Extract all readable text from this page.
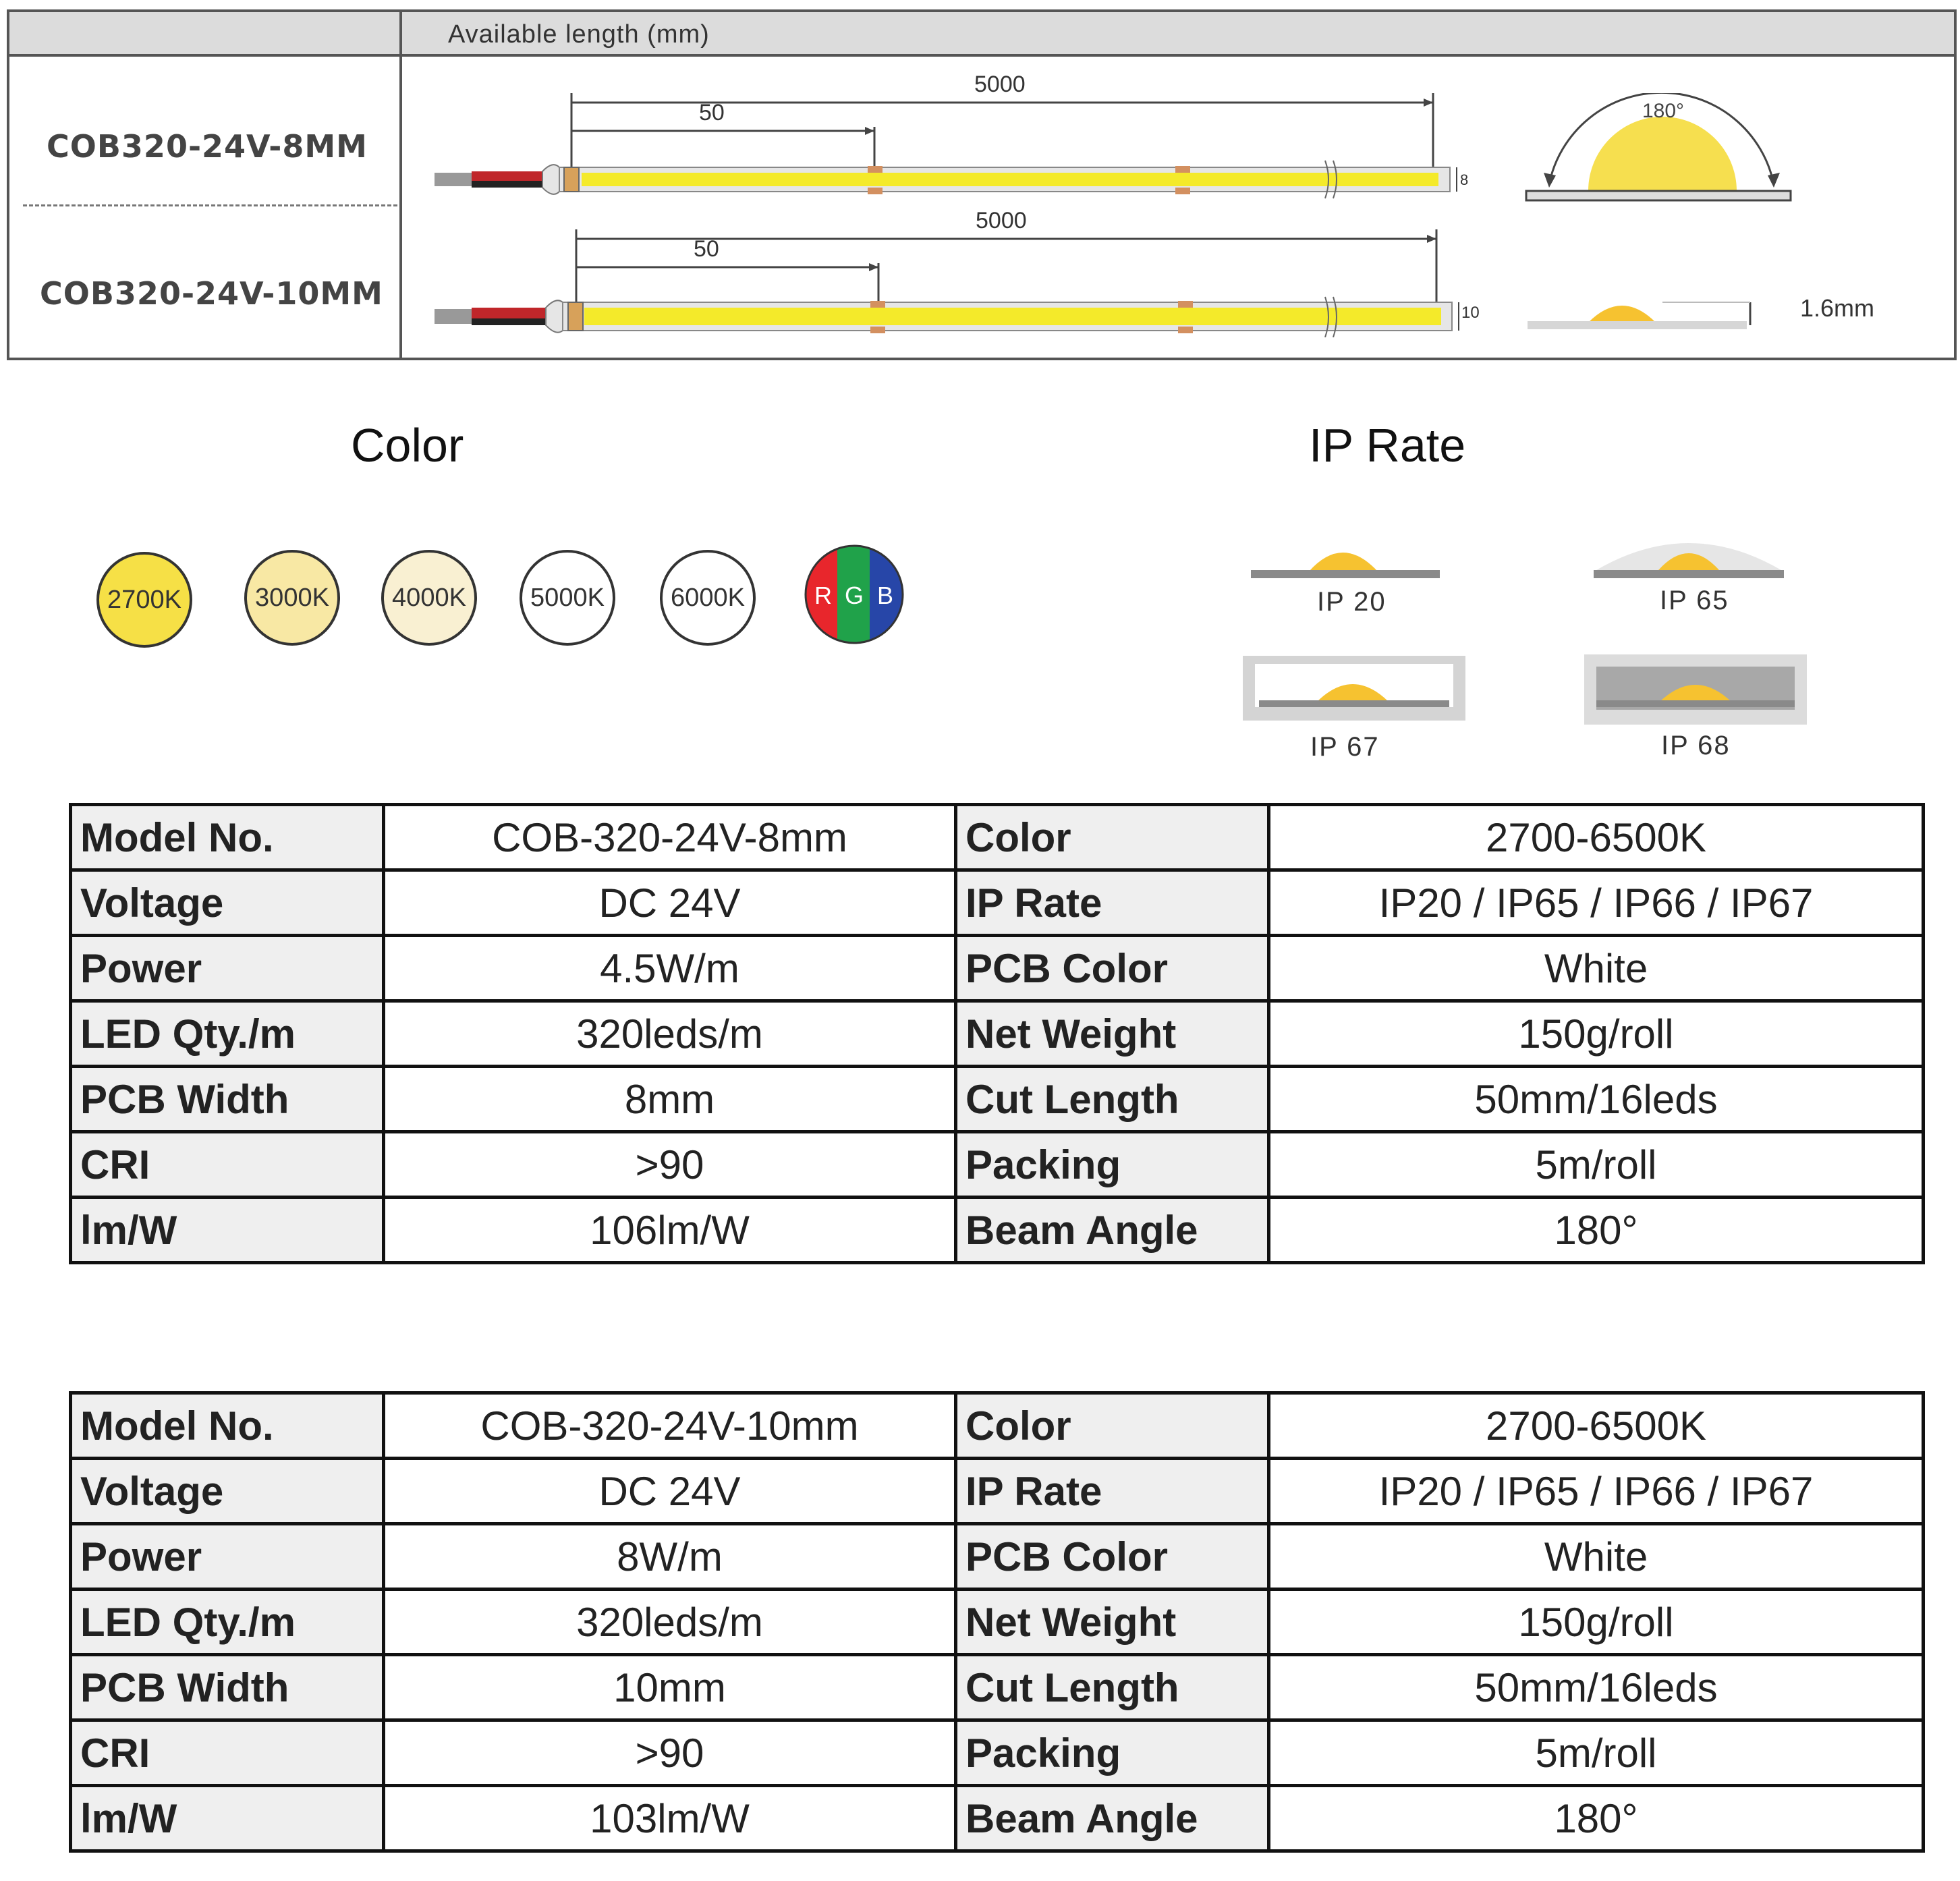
Available length (mm)
COB320-24V-8MM
COB320-24V-10MM
5000
50
8
5000
50
10
180°
1.6mm
Color
2700K	3000K 4000K	5000K	6000K	R G B
IP Rate
IP 20	IP 65
IP 67	IP 68
Model No.	COB-320-24V-8mm	Color	2700-6500K
Voltage	DC 24V	IP Rate	IP20 / IP65 / IP66 / IP67
Power	4.5W/m	PCB Color	White
LED Qty./m	320leds/m	Net Weight	150g/roll
PCB Width	8mm	Cut Length	50mm/16leds
CRI	>90	Packing	5m/roll
lm/W	106lm/W	Beam Angle	180°
Model No.	COB-320-24V-10mm	Color	2700-6500K
Voltage	DC 24V	IP Rate	IP20 / IP65 / IP66 / IP67
Power	8W/m	PCB Color	White
LED Qty./m	320leds/m	Net Weight	150g/roll
PCB Width	10mm	Cut Length	50mm/16leds
CRI	>90	Packing	5m/roll
lm/W	103lm/W	Beam Angle	180°
